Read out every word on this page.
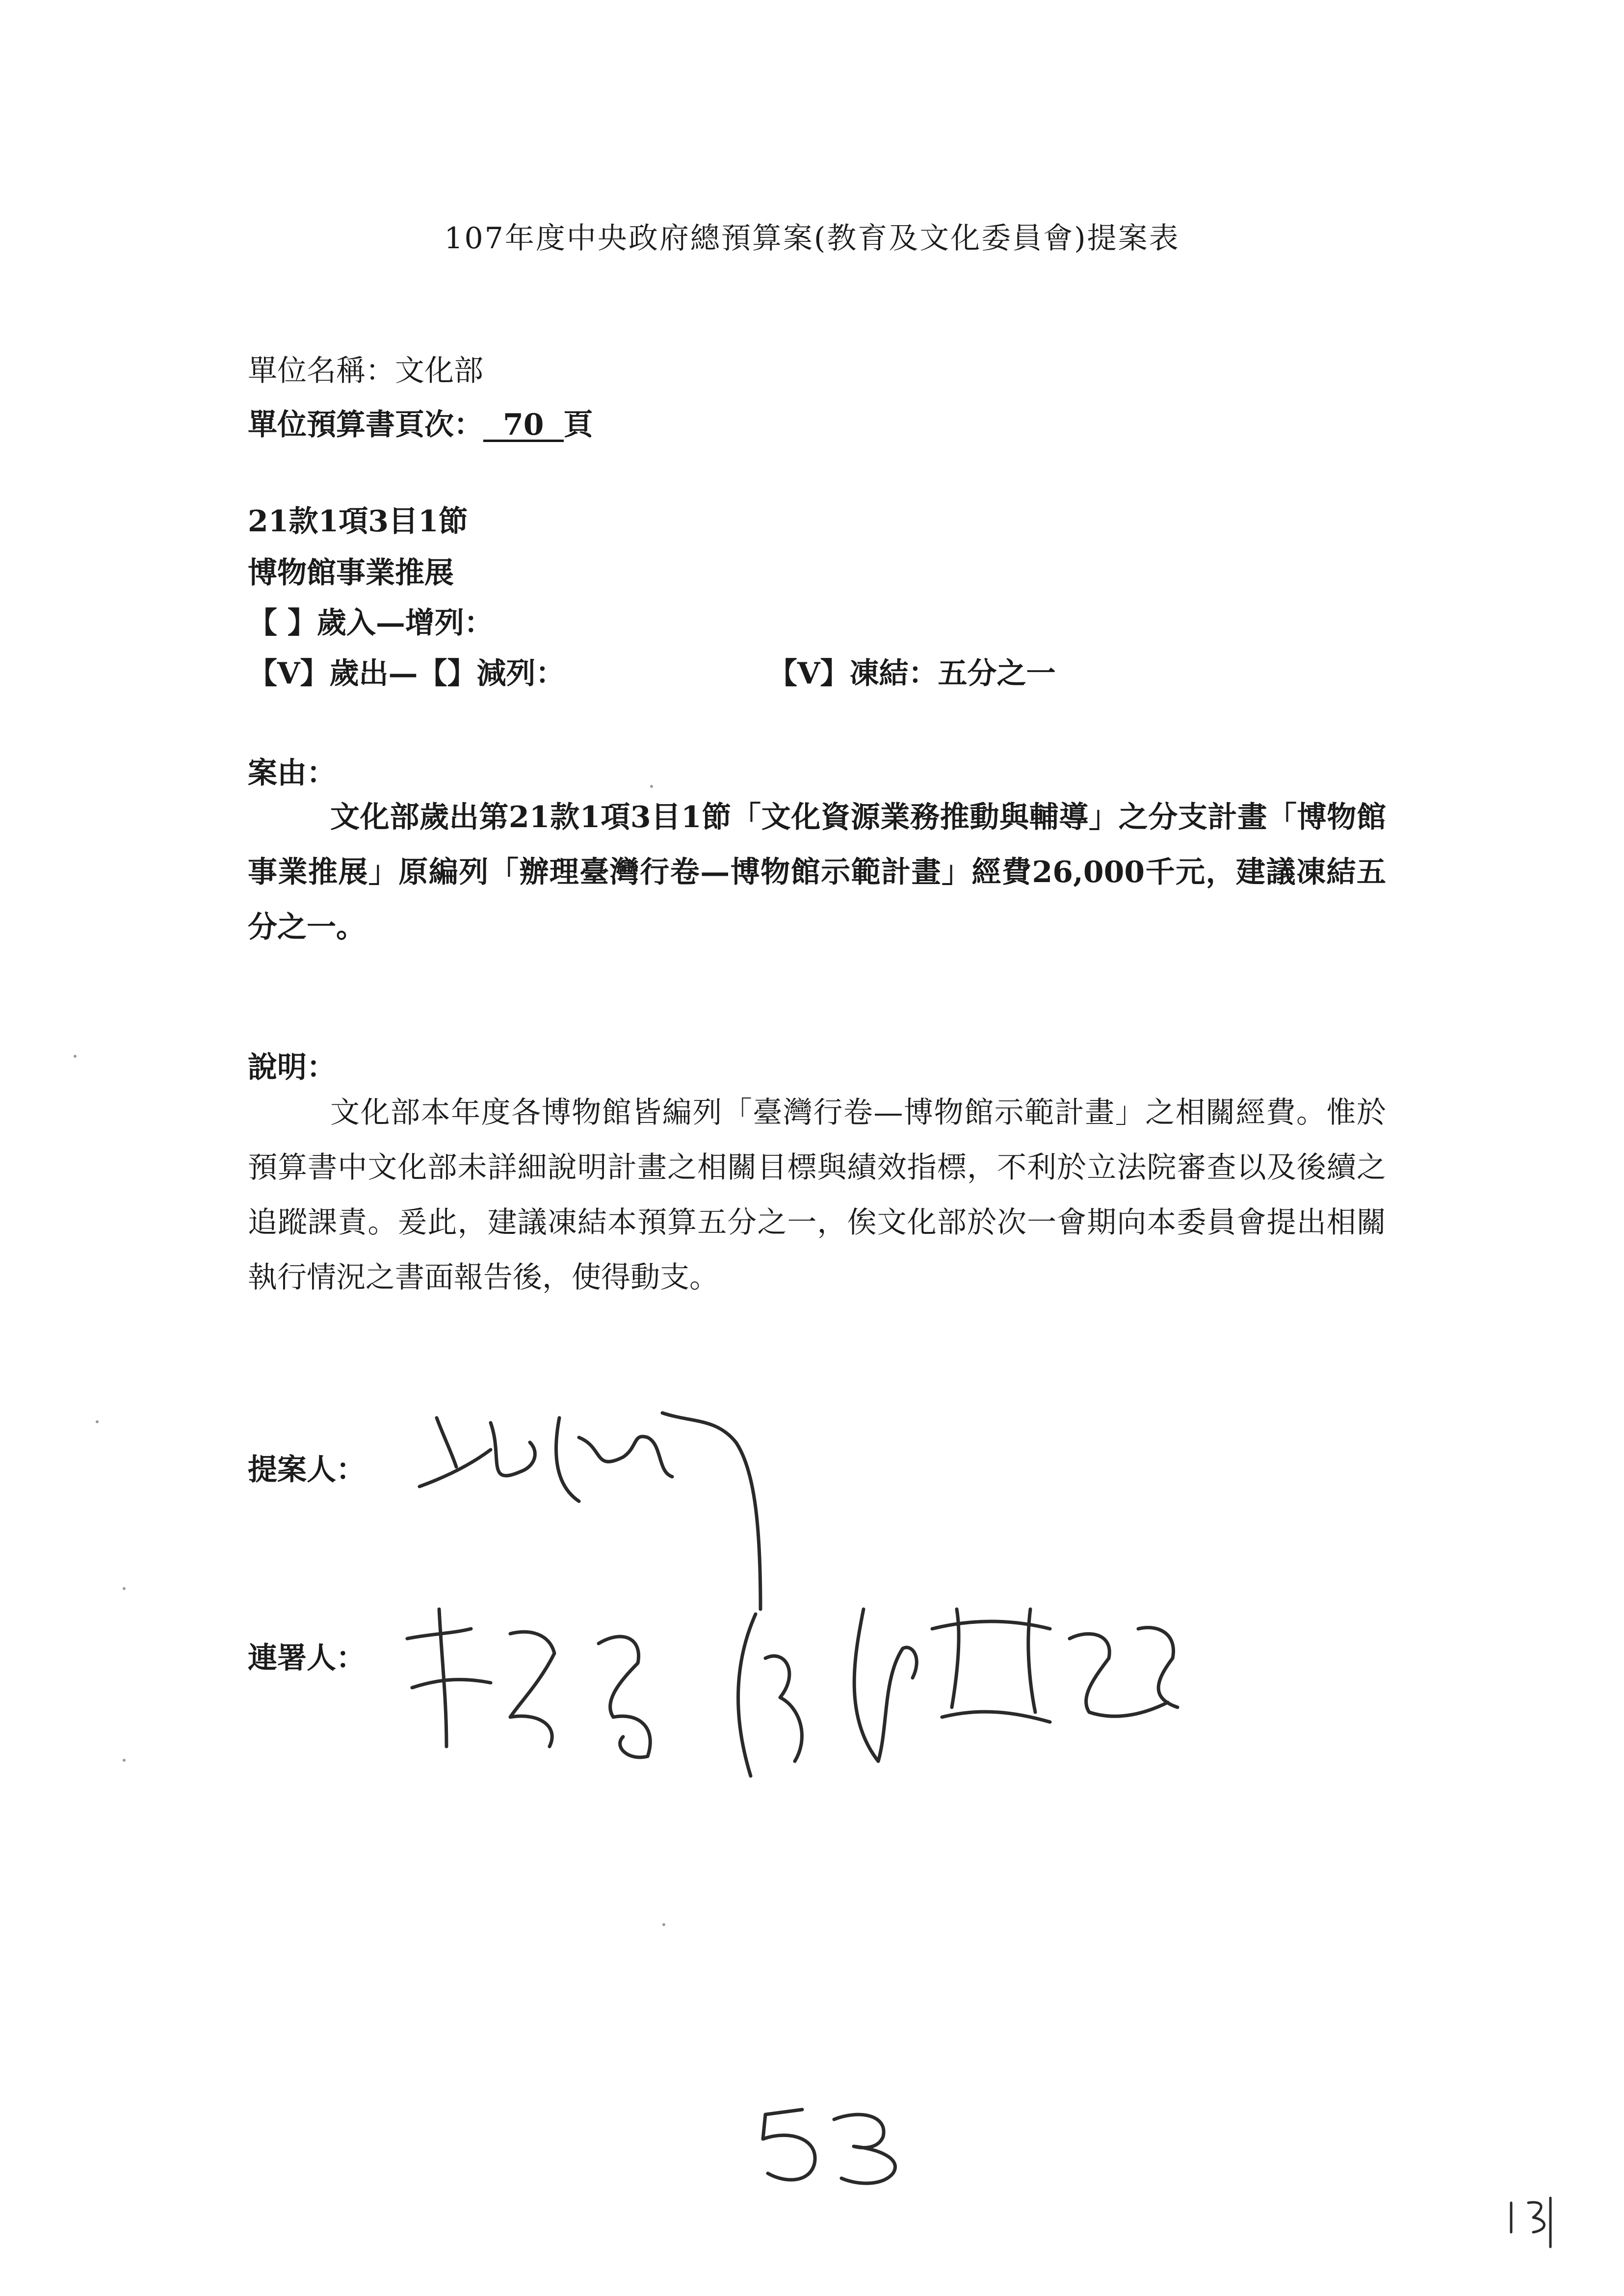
107年度中央政府總預算案(教育及文化委員會)提案表
單位名稱：文化部
單位預算書頁次： 70 頁
21款1項3目1節
博物館事業推展
【 】歲入—增列：
【V】歲出—【】減列：	【V】凍結：五分之一
案由：
文化部歲出第21款1項3目1節「文化資源業務推動與輔導」之分支計畫「博物館事業推展」原編列「辦理臺灣行卷—博物館示範計畫」經費26,000千元，建議凍結五分之一。
說明：
文化部本年度各博物館皆編列「臺灣行卷—博物館示範計畫」之相關經費。惟於預算書中文化部未詳細說明計畫之相關目標與績效指標，不利於立法院審查以及後續之追蹤課責。爰此，建議凍結本預算五分之一，俟文化部於次一會期向本委員會提出相關執行情況之書面報告後，使得動支。
提案人：
連署人：
